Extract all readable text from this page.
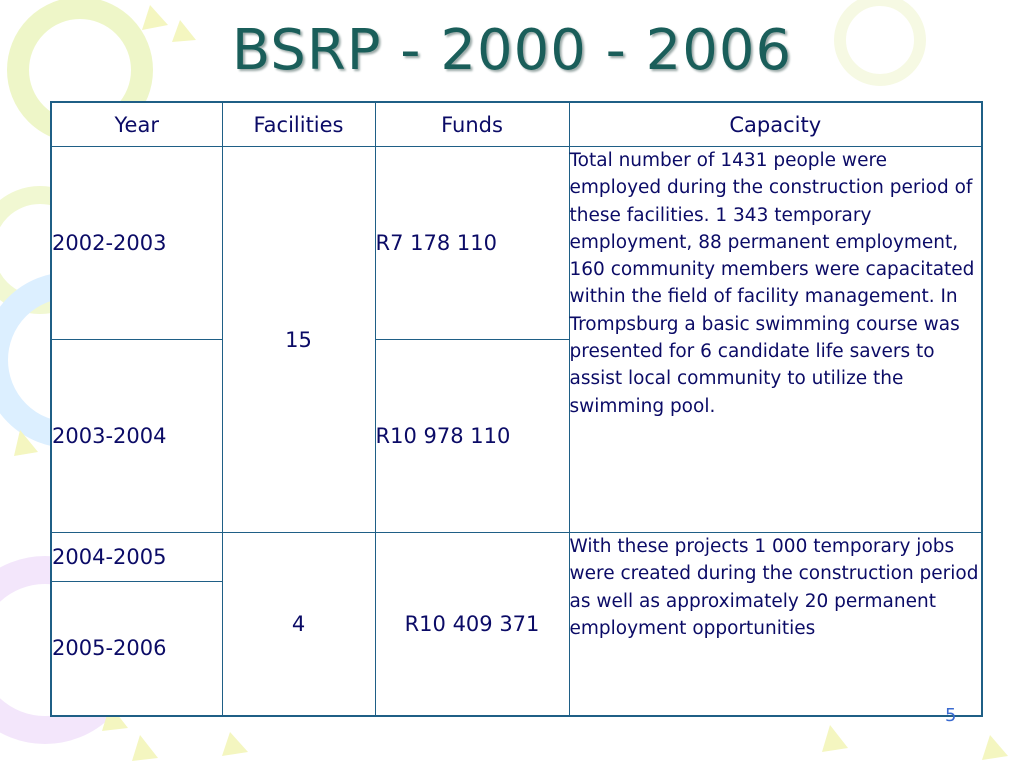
BSRP - 2000 - 2006
Year	Facilities	Funds	Capacity
2002-2003	15	R7 178 110	Total number of 1431 people were employed during the construction period of these facilities. 1 343 temporary employment, 88 permanent employment, 160 community members were capacitated within the field of facility management. In Trompsburg a basic swimming course was presented for 6 candidate life savers to assist local community to utilize the swimming pool.
2003-2004		R10 978 110	
2004-2005	4	R10 409 371	With these projects 1 000 temporary jobs were created during the construction period as well as approximately 20 permanent employment opportunities
2005-2006			
5
